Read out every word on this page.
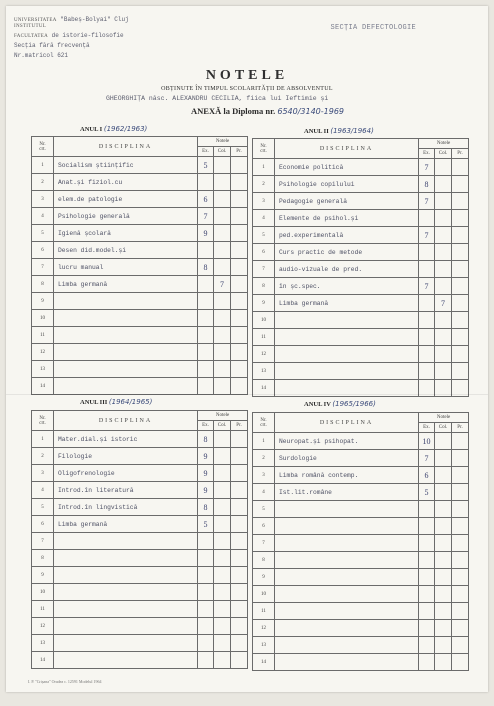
UNIVERSITATEA "Babeș-Bolyai" Cluj
INSTITUTUL
FACULTATEA de istorie-filosofie
Secția fără frecvență
Nr.matricol 621
SECȚIA DEFECTOLOGIE
NOTELE
OBȚINUTE ÎN TIMPUL SCOLARITĂȚII DE ABSOLVENTUL
GHEORGHIȚA născ. ALEXANDRU CECILIA, fiica lui Ieftimie și
ANEXĂ la Diploma nr. 6540/3140-1969
ANUL I (1962/1963)	ANUL II (1963/1964)
ANUL III (1964/1965)	ANUL IV (1965/1966)
Nr.
crt.	DISCIPLINA	Notele		
		Ex.	Col.	Pr.
1	Socialism științific	5		
2	Anat.și fiziol.cu			
3	elem.de patologie	6		
4	Psihologie generală	7		
5	Igienă școlară	9		
6	Desen did.model.și			
7	lucru manual	8		
8	Limba germană		7	
9				
10				
11				
12				
13				
14				
Nr.
crt.	DISCIPLINA	Notele		
		Ex.	Col.	Pr.
1	Economie politică	7		
2	Psihologie copilului	8		
3	Pedagogie generală	7		
4	Elemente de psihol.și			
5	ped.experimentală	7		
6	Curs practic de metode			
7	audio-vizuale de pred.			
8	în șc.spec.	7		
9	Limba germană		7	
10				
11				
12				
13				
14				
Nr.
crt.	DISCIPLINA	Notele		
		Ex.	Col.	Pr.
1	Mater.dial.și istoric	8		
2	Filologie	9		
3	Oligofrenologie	9		
4	Introd.în literatură	9		
5	Introd.în lingvistică	8		
6	Limba germană	5		
7				
8				
9				
10				
11				
12				
13				
14				
Nr.
crt.	DISCIPLINA	Notele		
		Ex.	Col.	Pr.
1	Neuropat.și psihopat.	10		
2	Surdologie	7		
3	Limba română contemp.	6		
4	Ist.lit.române	5		
5				
6				
7				
8				
9				
10				
11				
12				
13				
14				
I. P. "Crișana" Oradea c. 12591 Modelul 1964
